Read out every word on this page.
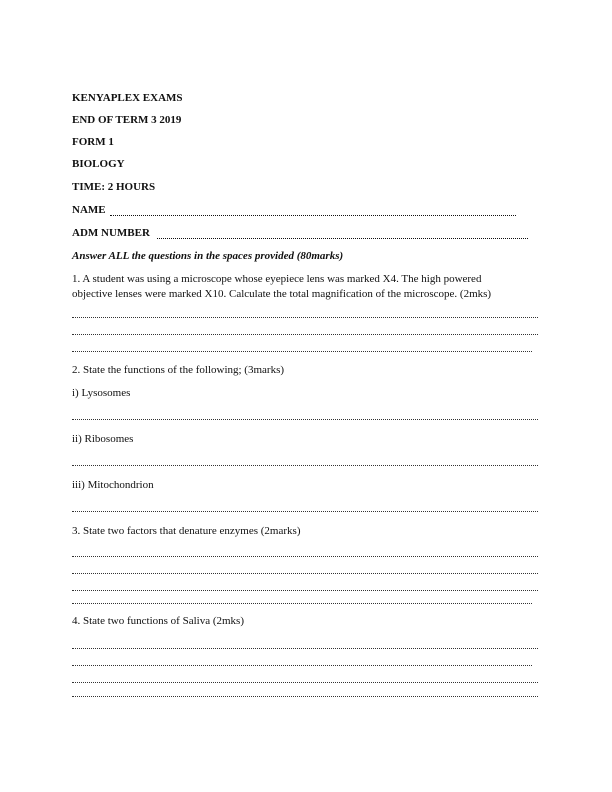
KENYAPLEX EXAMS
END OF TERM 3 2019
FORM 1
BIOLOGY
TIME: 2 HOURS
NAME
ADM NUMBER
Answer ALL the questions in the spaces provided (80marks)
1. A student was using a microscope whose eyepiece lens was marked X4. The high powered
objective lenses were marked X10. Calculate the total magnification of the microscope. (2mks)
2. State the functions of the following; (3marks)
i) Lysosomes
ii) Ribosomes
iii) Mitochondrion
3. State two factors that denature enzymes (2marks)
4. State two functions of Saliva (2mks)
